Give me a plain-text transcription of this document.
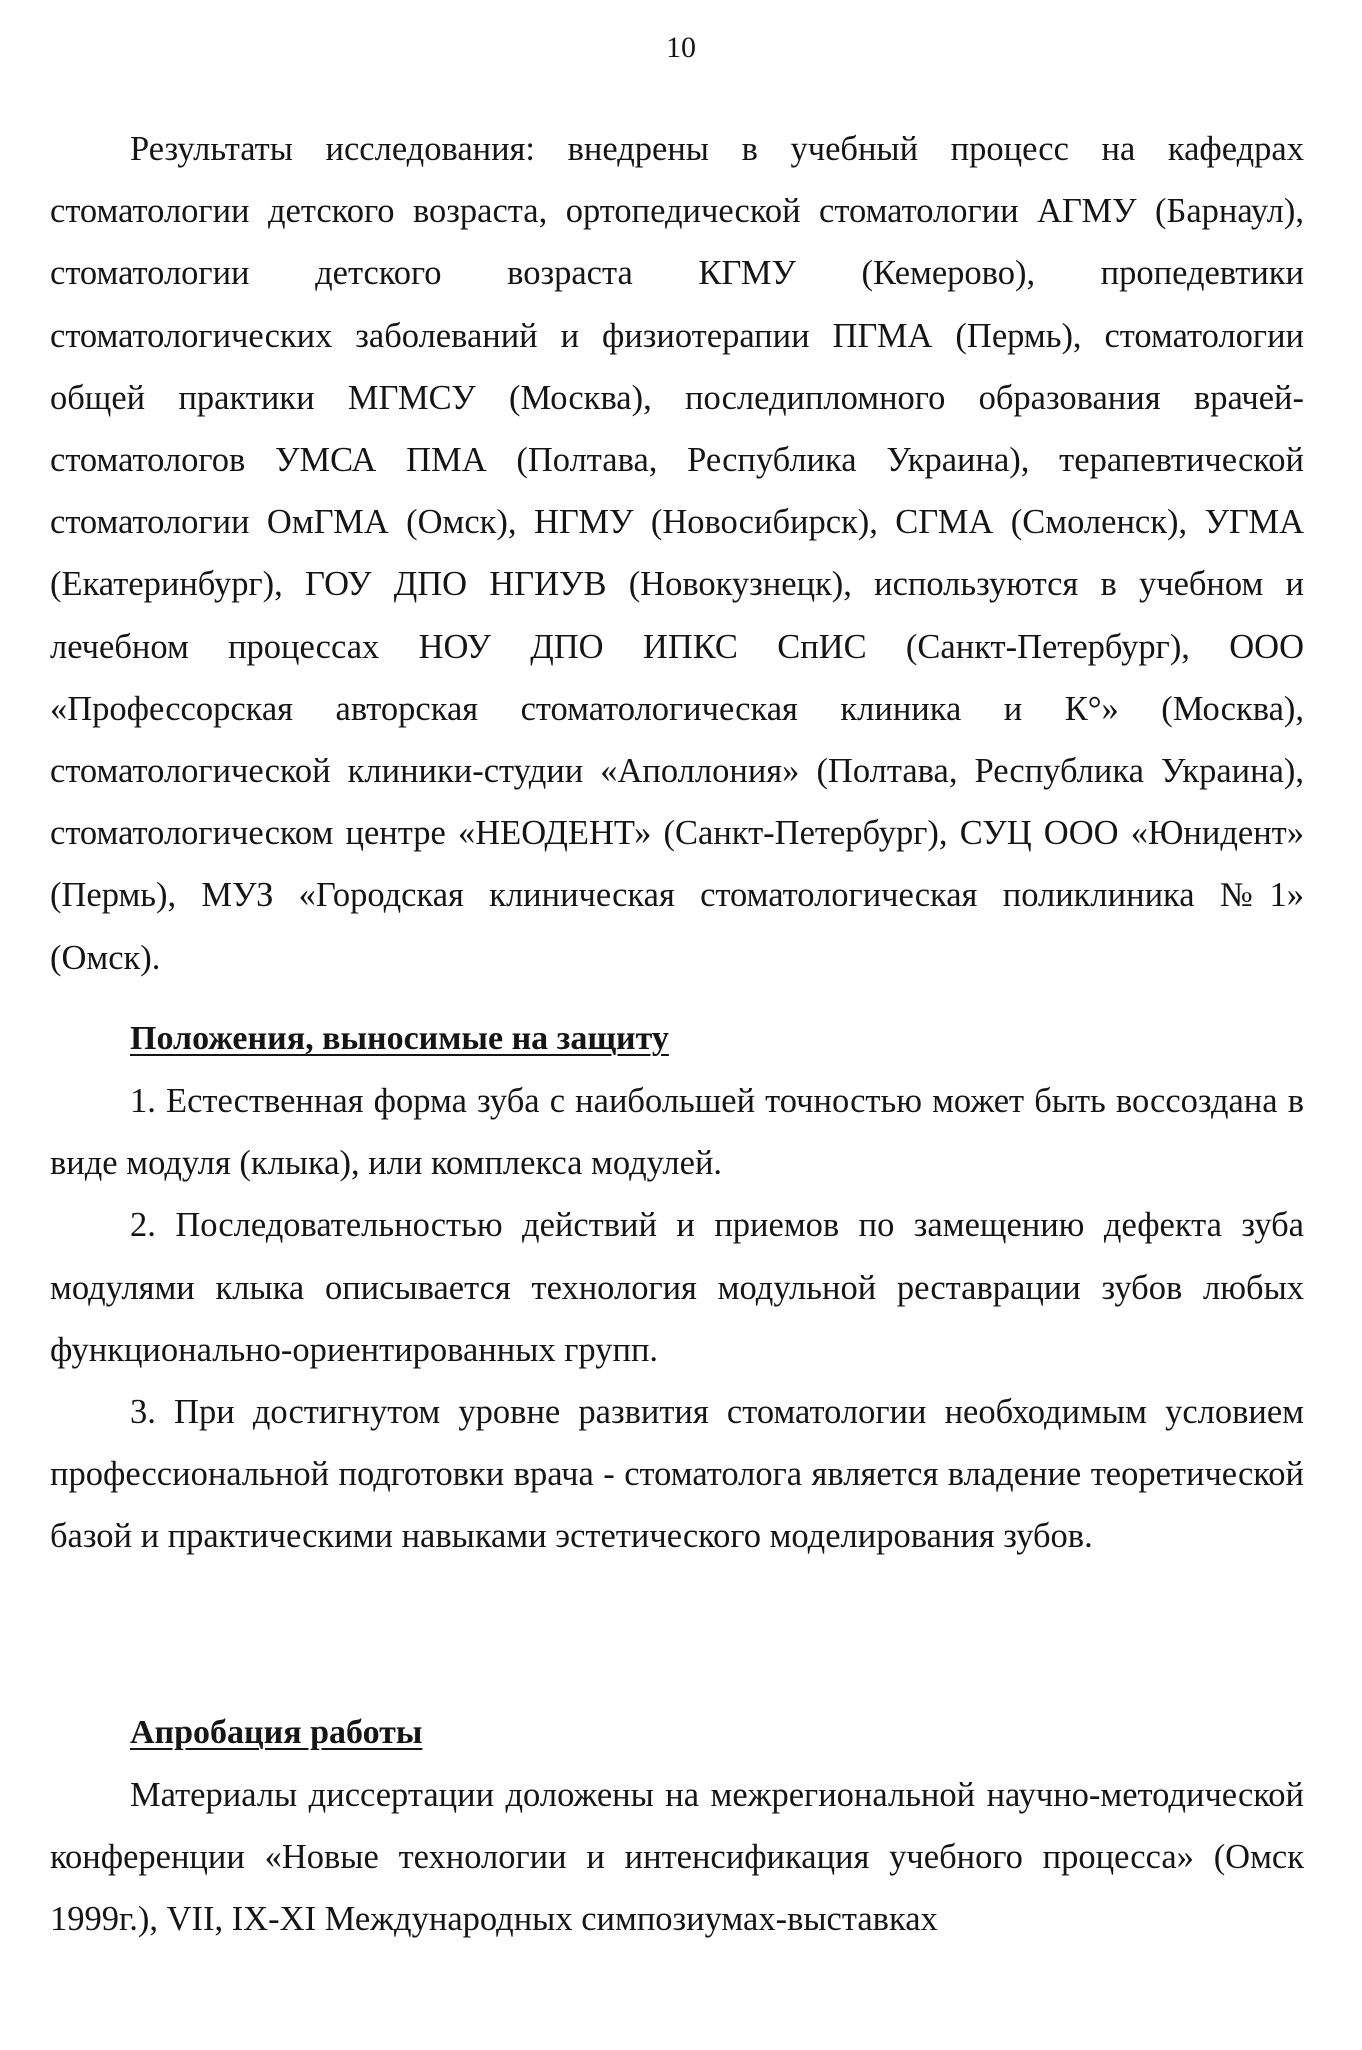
10

Результаты исследования: внедрены в учебный процесс на кафедрах стоматологии детского возраста, ортопедической стоматологии АГМУ (Барнаул), стоматологии детского возраста КГМУ (Кемерово), пропедевтики стоматологических заболеваний и физиотерапии ПГМА (Пермь), стоматологии общей практики МГМСУ (Москва), последипломного образования врачей-стоматологов УМСА ПМА (Полтава, Республика Украина), терапевтической стоматологии ОмГМА (Омск), НГМУ (Новосибирск), СГМА (Смоленск), УГМА (Екатеринбург), ГОУ ДПО НГИУВ (Новокузнецк), используются в учебном и лечебном процессах НОУ ДПО ИПКС СпИС (Санкт-Петербург), ООО «Профессорская авторская стоматологическая клиника и К°» (Москва), стоматологической клиники-студии «Аполлония» (Полтава, Республика Украина), стоматологическом центре «НЕОДЕНТ» (Санкт-Петербург), СУЦ ООО «Юнидент» (Пермь), МУЗ «Городская клиническая стоматологическая поликлиника №1» (Омск).

Положения, выносимые на защиту

1. Естественная форма зуба с наибольшей точностью может быть воссоздана в виде модуля (клыка), или комплекса модулей.

2. Последовательностью действий и приемов по замещению дефекта зуба модулями клыка описывается технология модульной реставрации зубов любых функционально-ориентированных групп.

3. При достигнутом уровне развития стоматологии необходимым условием профессиональной подготовки врача - стоматолога является владение теоретической базой и практическими навыками эстетического моделирования зубов.

Апробация работы

Материалы диссертации доложены на межрегиональной научно-методической конференции «Новые технологии и интенсификация учебного процесса» (Омск 1999г.), VII, IX-XI Международных симпозиумах-выставках
